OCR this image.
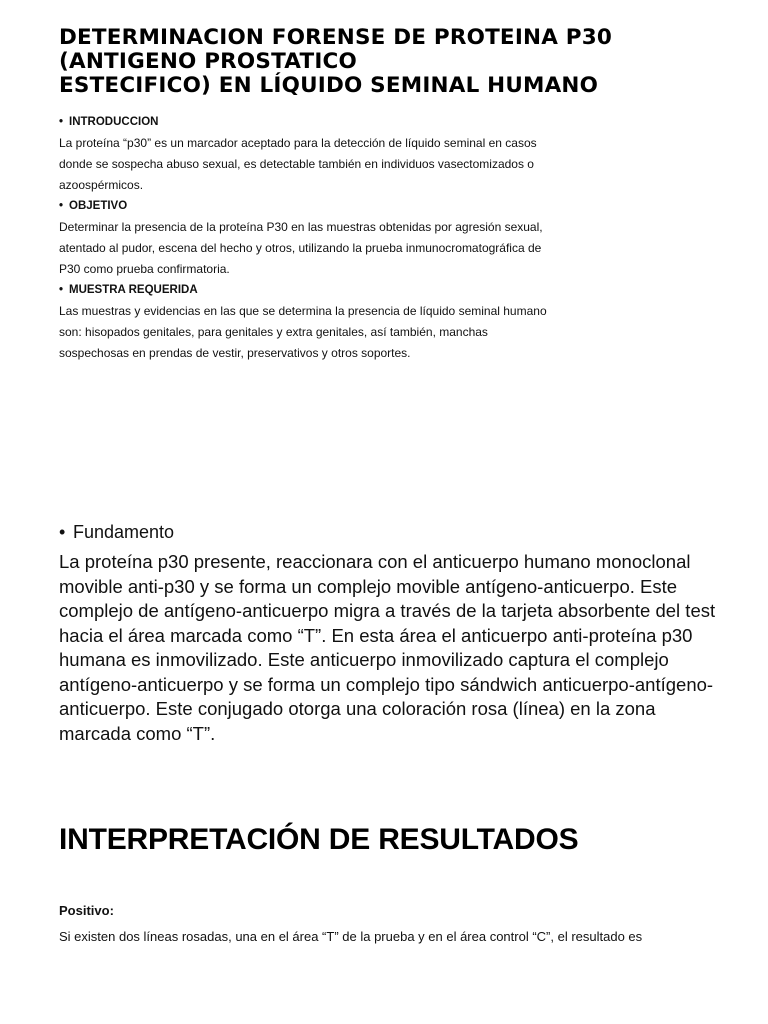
DETERMINACION FORENSE DE PROTEINA P30
(ANTIGENO PROSTATICO
ESTECIFICO) EN LÍQUIDO SEMINAL HUMANO
• INTRODUCCION

La proteína “p30” es un marcador aceptado para la detección de líquido seminal en casos donde se sospecha abuso sexual, es detectable también en individuos vasectomizados o azoospérmicos.

• OBJETIVO

Determinar la presencia de la proteína P30 en las muestras obtenidas por agresión sexual, atentado al pudor, escena del hecho y otros, utilizando la prueba inmunocromatográfica de P30 como prueba confirmatoria.

• MUESTRA REQUERIDA

Las muestras y evidencias en las que se determina la presencia de líquido seminal humano son: hisopados genitales, para genitales y extra genitales, así también, manchas sospechosas en prendas de vestir, preservativos y otros soportes.

• Fundamento

La proteína p30 presente, reaccionara con el anticuerpo humano monoclonal movible anti-p30 y se forma un complejo movible antígeno-anticuerpo. Este complejo de antígeno-anticuerpo migra a través de la tarjeta absorbente del test hacia el área marcada como “T”. En esta área el anticuerpo anti-proteína p30 humana es inmovilizado. Este anticuerpo inmovilizado captura el complejo antígeno-anticuerpo y se forma un complejo tipo sándwich anticuerpo-antígeno-anticuerpo. Este conjugado otorga una coloración rosa (línea) en la zona marcada como “T”.

INTERPRETACIÓN DE RESULTADOS
Positivo:
Si existen dos líneas rosadas, una en el área “T” de la prueba y en el área control “C”, el resultado es
